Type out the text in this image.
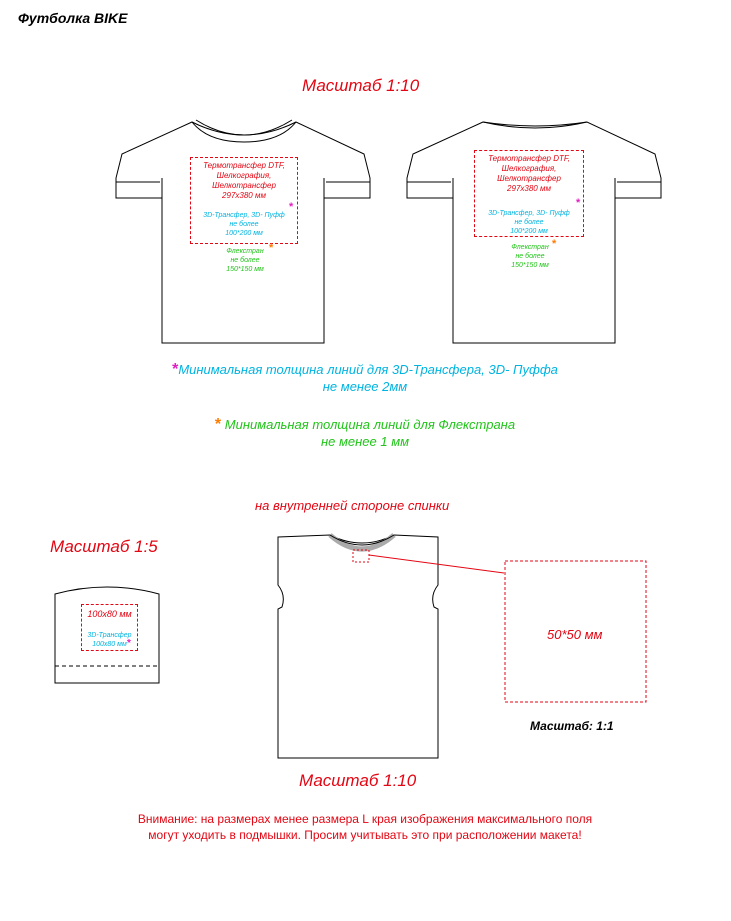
Футболка BIKE
Масштаб 1:10
Термотрансфер DTF,
Шелкография,
Шелкотрансфер
297х380 мм
3D-Трансфер, 3D- Пуфф
не более
100*200 мм
*
Флекстран
не более
150*150 мм
*
Термотрансфер DTF,
Шелкография,
Шелкотрансфер
297х380 мм
3D-Трансфер, 3D- Пуфф
не более
100*200 мм
*
Флекстран
не более
150*150 мм
*
*Минимальная толщина линий для 3D-Трансфера, 3D- Пуффа
не менее 2мм
* Минимальная толщина линий для Флекстрана
не менее 1 мм
на внутренней стороне спинки
Масштаб 1:5
100х80 мм
3D-Трансфер
100х80 мм *
50*50 мм
Масштаб: 1:1
Масштаб 1:10
Внимание: на размерах менее размера L края изображения максимального поля
могут уходить в подмышки. Просим учитывать это при расположении макета!
